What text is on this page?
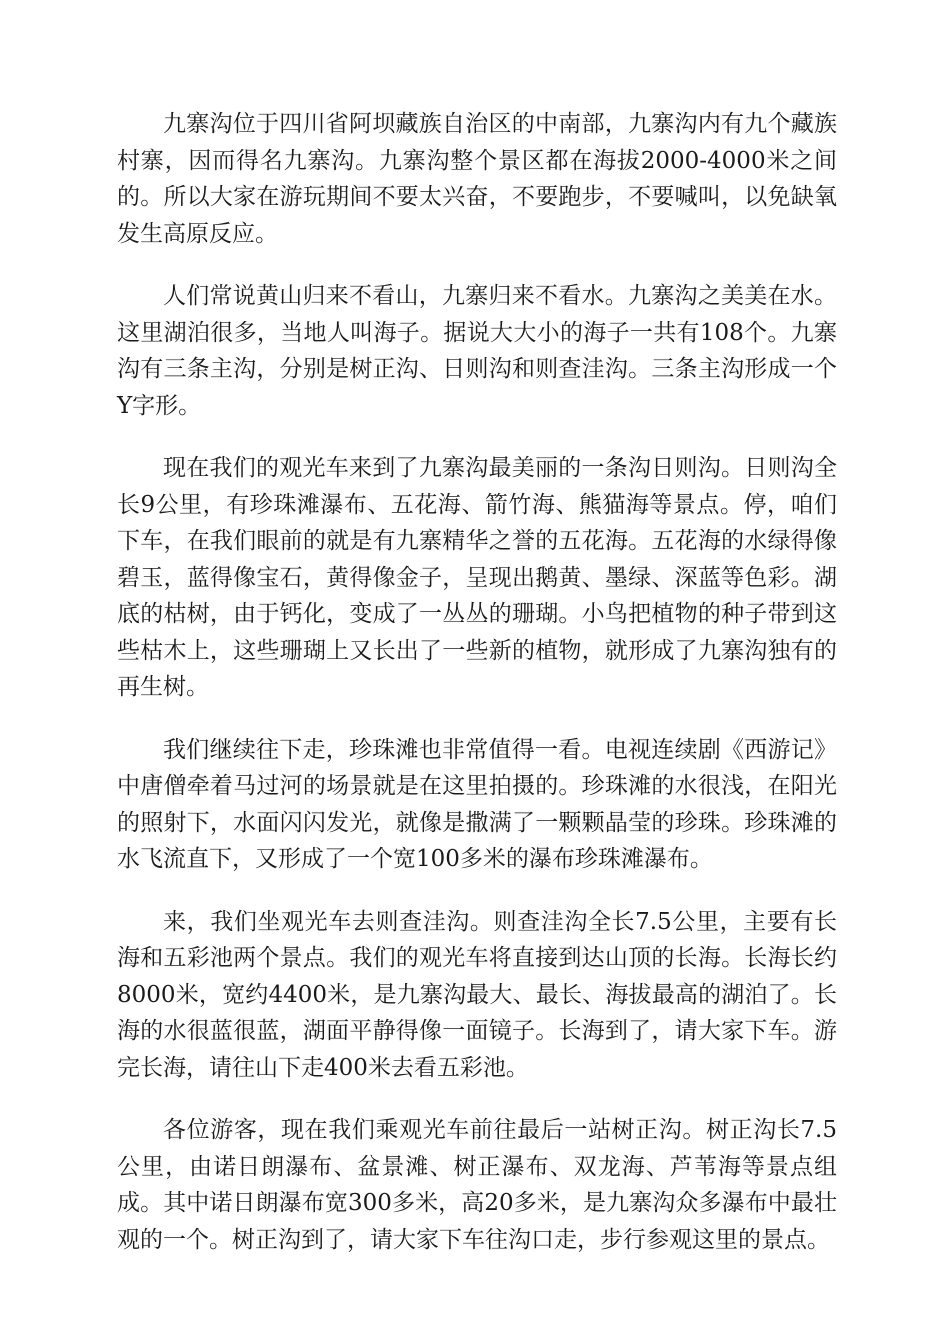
九寨沟位于四川省阿坝藏族自治区的中南部，九寨沟内有九个藏族村寨，因而得名九寨沟。九寨沟整个景区都在海拔2000-4000米之间的。所以大家在游玩期间不要太兴奋，不要跑步，不要喊叫，以免缺氧发生高原反应。

人们常说黄山归来不看山，九寨归来不看水。九寨沟之美美在水。这里湖泊很多，当地人叫海子。据说大大小的海子一共有108个。九寨沟有三条主沟，分别是树正沟、日则沟和则查洼沟。三条主沟形成一个Y字形。

现在我们的观光车来到了九寨沟最美丽的一条沟日则沟。日则沟全长9公里，有珍珠滩瀑布、五花海、箭竹海、熊猫海等景点。停，咱们下车，在我们眼前的就是有九寨精华之誉的五花海。五花海的水绿得像碧玉，蓝得像宝石，黄得像金子，呈现出鹅黄、墨绿、深蓝等色彩。湖底的枯树，由于钙化，变成了一丛丛的珊瑚。小鸟把植物的种子带到这些枯木上，这些珊瑚上又长出了一些新的植物，就形成了九寨沟独有的再生树。

我们继续往下走，珍珠滩也非常值得一看。电视连续剧《西游记》中唐僧牵着马过河的场景就是在这里拍摄的。珍珠滩的水很浅，在阳光的照射下，水面闪闪发光，就像是撒满了一颗颗晶莹的珍珠。珍珠滩的水飞流直下，又形成了一个宽100多米的瀑布珍珠滩瀑布。

来，我们坐观光车去则查洼沟。则查洼沟全长7.5公里，主要有长海和五彩池两个景点。我们的观光车将直接到达山顶的长海。长海长约8000米，宽约4400米，是九寨沟最大、最长、海拔最高的湖泊了。长海的水很蓝很蓝，湖面平静得像一面镜子。长海到了，请大家下车。游完长海，请往山下走400米去看五彩池。

各位游客，现在我们乘观光车前往最后一站树正沟。树正沟长7.5公里，由诺日朗瀑布、盆景滩、树正瀑布、双龙海、芦苇海等景点组成。其中诺日朗瀑布宽300多米，高20多米，是九寨沟众多瀑布中最壮观的一个。树正沟到了，请大家下车往沟口走，步行参观这里的景点。
